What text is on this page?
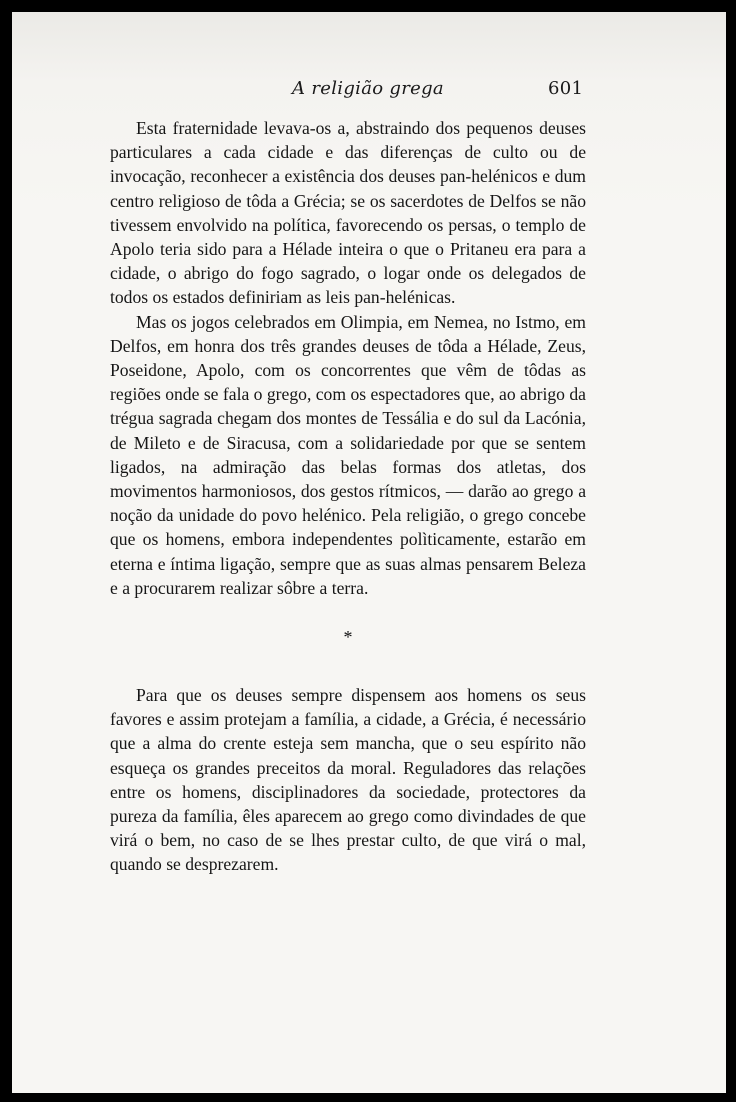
A religião grega	601

Esta fraternidade levava-os a, abstraindo dos pequenos deuses particulares a cada cidade e das diferenças de culto ou de invocação, reconhecer a existência dos deuses pan-helénicos e dum centro religioso de tôda a Grécia; se os sacerdotes de Delfos se não tivessem envolvido na política, favorecendo os persas, o templo de Apolo teria sido para a Hélade inteira o que o Pritaneu era para a cidade, o abrigo do fogo sagrado, o logar onde os delegados de todos os estados definiriam as leis pan-helénicas.

Mas os jogos celebrados em Olimpia, em Nemea, no Istmo, em Delfos, em honra dos três grandes deuses de tôda a Hélade, Zeus, Poseidone, Apolo, com os concorrentes que vêm de tôdas as regiões onde se fala o grego, com os espectadores que, ao abrigo da trégua sagrada chegam dos montes de Tessália e do sul da Lacónia, de Mileto e de Siracusa, com a solidariedade por que se sentem ligados, na admiração das belas formas dos atletas, dos movimentos harmoniosos, dos gestos rítmicos, — darão ao grego a noção da unidade do povo helénico. Pela religião, o grego concebe que os homens, embora independentes polìticamente, estarão em eterna e íntima ligação, sempre que as suas almas pensarem Beleza e a procurarem realizar sôbre a terra.

*

Para que os deuses sempre dispensem aos homens os seus favores e assim protejam a família, a cidade, a Grécia, é necessário que a alma do crente esteja sem mancha, que o seu espírito não esqueça os grandes preceitos da moral. Reguladores das relações entre os homens, disciplinadores da sociedade, protectores da pureza da família, êles aparecem ao grego como divindades de que virá o bem, no caso de se lhes prestar culto, de que virá o mal, quando se desprezarem.
